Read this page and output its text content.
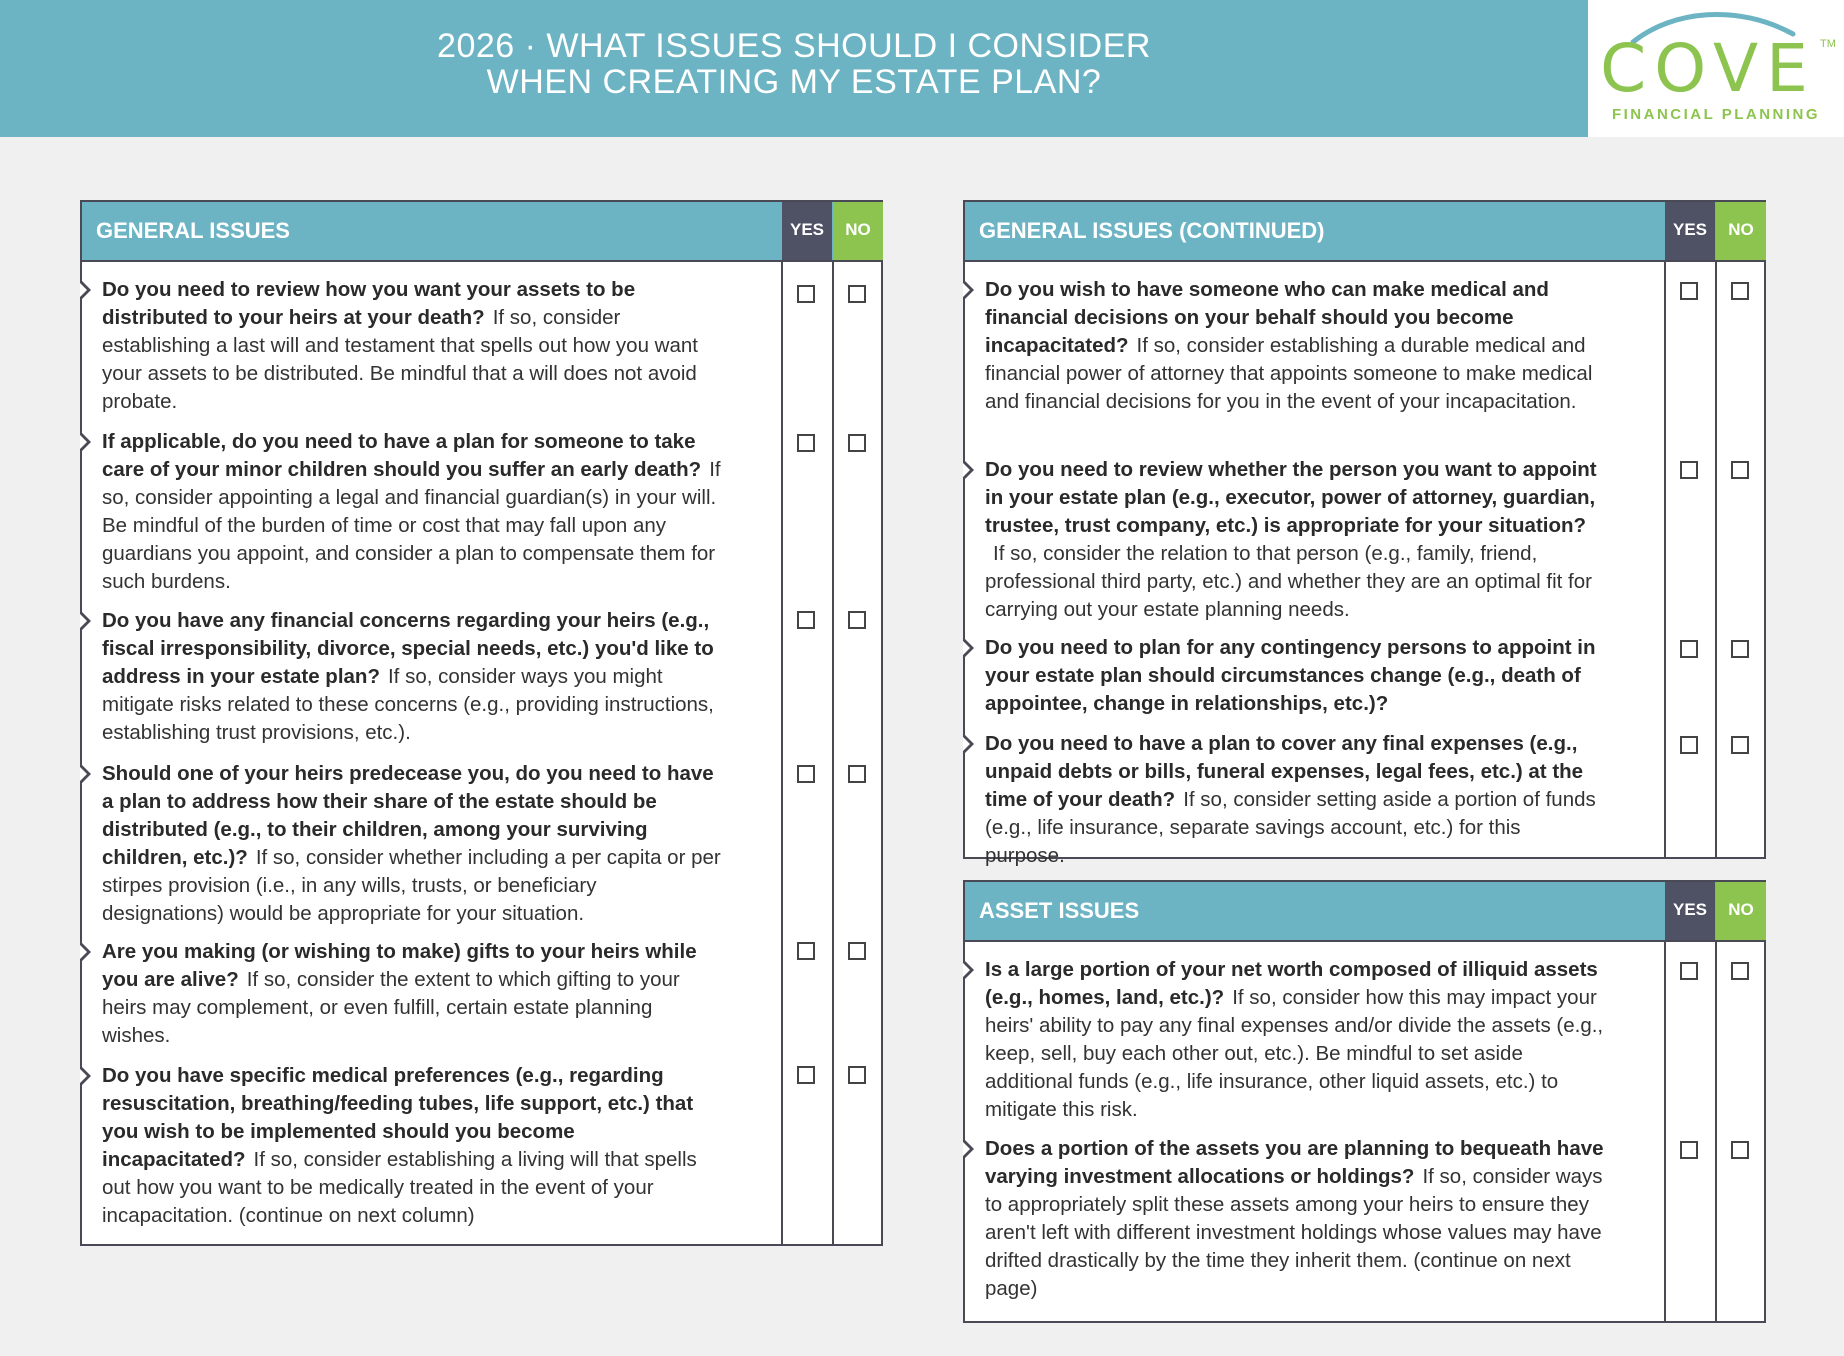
2026 · WHAT ISSUES SHOULD I CONSIDER
WHEN CREATING MY ESTATE PLAN?	COVE TM
FINANCIAL PLANNING
GENERAL ISSUES	YES	NO
Do you need to review how you want your assets to be distributed to your heirs at your death? If so, consider establishing a last will and testament that spells out how you want your assets to be distributed. Be mindful that a will does not avoid probate.
If applicable, do you need to have a plan for someone to take care of your minor children should you suffer an early death? If so, consider appointing a legal and financial guardian(s) in your will. Be mindful of the burden of time or cost that may fall upon any guardians you appoint, and consider a plan to compensate them for such burdens.
Do you have any financial concerns regarding your heirs (e.g., fiscal irresponsibility, divorce, special needs, etc.) you'd like to address in your estate plan? If so, consider ways you might mitigate risks related to these concerns (e.g., providing instructions, establishing trust provisions, etc.).
Should one of your heirs predecease you, do you need to have a plan to address how their share of the estate should be distributed (e.g., to their children, among your surviving children, etc.)? If so, consider whether including a per capita or per stirpes provision (i.e., in any wills, trusts, or beneficiary designations) would be appropriate for your situation.
Are you making (or wishing to make) gifts to your heirs while you are alive? If so, consider the extent to which gifting to your heirs may complement, or even fulfill, certain estate planning wishes.
Do you have specific medical preferences (e.g., regarding resuscitation, breathing/feeding tubes, life support, etc.) that you wish to be implemented should you become incapacitated? If so, consider establishing a living will that spells out how you want to be medically treated in the event of your incapacitation. (continue on next column)
GENERAL ISSUES (CONTINUED)	YES	NO
Do you wish to have someone who can make medical and financial decisions on your behalf should you become incapacitated? If so, consider establishing a durable medical and financial power of attorney that appoints someone to make medical and financial decisions for you in the event of your incapacitation.
Do you need to review whether the person you want to appoint in your estate plan (e.g., executor, power of attorney, guardian, trustee, trust company, etc.) is appropriate for your situation?If so, consider the relation to that person (e.g., family, friend, professional third party, etc.) and whether they are an optimal fit for carrying out your estate planning needs.
Do you need to plan for any contingency persons to appoint in your estate plan should circumstances change (e.g., death of appointee, change in relationships, etc.)?
Do you need to have a plan to cover any final expenses (e.g., unpaid debts or bills, funeral expenses, legal fees, etc.) at the time of your death? If so, consider setting aside a portion of funds (e.g., life insurance, separate savings account, etc.) for this purpose.
ASSET ISSUES	YES	NO
Is a large portion of your net worth composed of illiquid assets (e.g., homes, land, etc.)? If so, consider how this may impact your heirs' ability to pay any final expenses and/or divide the assets (e.g., keep, sell, buy each other out, etc.). Be mindful to set aside additional funds (e.g., life insurance, other liquid assets, etc.) to mitigate this risk.
Does a portion of the assets you are planning to bequeath have varying investment allocations or holdings? If so, consider ways to appropriately split these assets among your heirs to ensure they aren't left with different investment holdings whose values may have drifted drastically by the time they inherit them. (continue on next page)
